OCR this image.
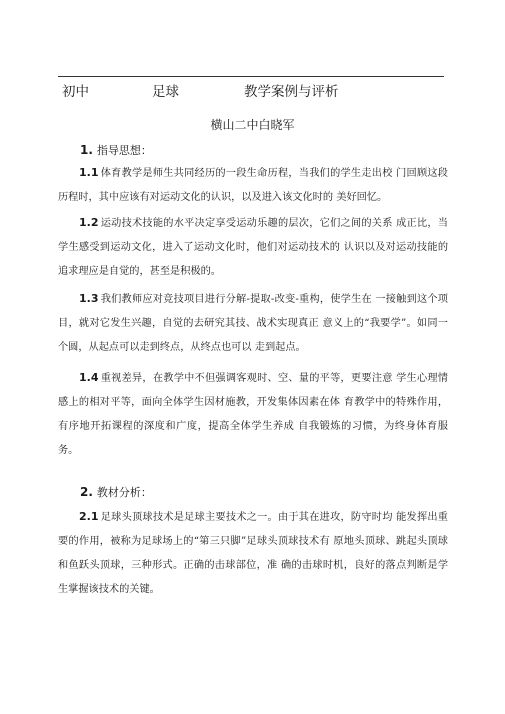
初中	足球	教学案例与评析
横山二中白晓军
1. 指导思想：
1.1 体育教学是师生共同经历的一段生命历程，当我们的学生走出校 门回顾这段历程时，其中应该有对运动文化的认识，以及进入该文化时的 美好回忆。
1.2 运动技术技能的水平决定享受运动乐趣的层次，它们之间的关系 成正比，当学生感受到运动文化，进入了运动文化时，他们对运动技术的 认识以及对运动技能的追求理应是自觉的，甚至是积极的。
1.3 我们教师应对竞技项目进行分解-提取-改变-重构，使学生在 一接触到这个项目，就对它发生兴趣，自觉的去研究其技、战术实现真正 意义上的“我要学”。如同一个圆，从起点可以走到终点，从终点也可以 走到起点。
1.4 重视差异，在教学中不但强调客观时、空、量的平等，更要注意 学生心理情感上的相对平等，面向全体学生因材施教，开发集体因素在体 育教学中的特殊作用，有序地开拓课程的深度和广度，提高全体学生养成 自我锻炼的习惯，为终身体育服务。
2. 教材分析：
2.1 足球头顶球技术是足球主要技术之一。由于其在进攻，防守时均 能发挥出重要的作用，被称为足球场上的“第三只脚”足球头顶球技术有 原地头顶球、跳起头顶球和鱼跃头顶球，三种形式。正确的击球部位，准 确的击球时机，良好的落点判断是学生掌握该技术的关键。
